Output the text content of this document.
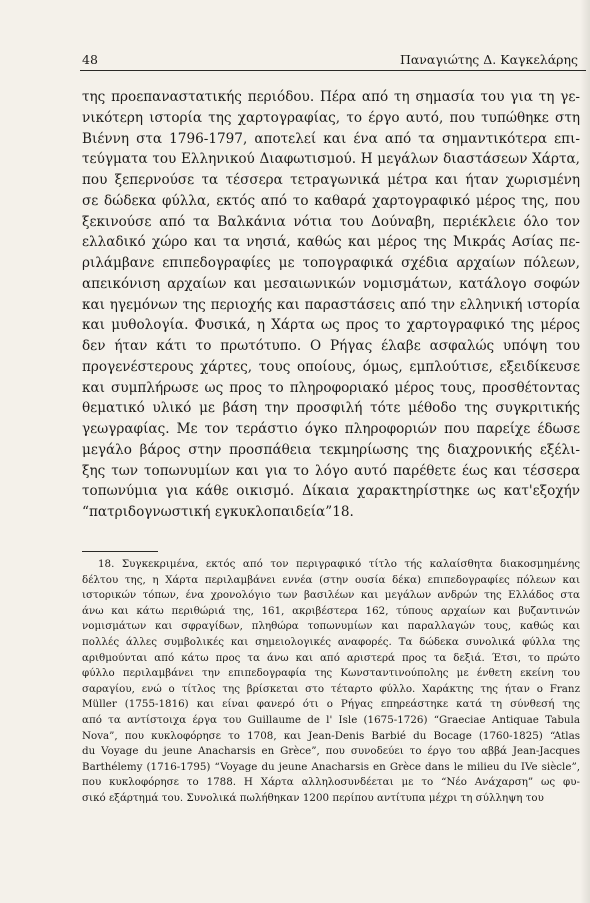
48	Παναγιώτης Δ. Καγκελάρης
της προεπαναστατικής περιόδου. Πέρα από τη σημασία του για τη γε-
νικότερη ιστορία της χαρτογραφίας, το έργο αυτό, που τυπώθηκε στη
Βιέννη στα 1796-1797, αποτελεί και ένα από τα σημαντικότερα επι-
τεύγματα του Ελληνικού Διαφωτισμού. Η μεγάλων διαστάσεων Χάρτα,
που ξεπερνούσε τα τέσσερα τετραγωνικά μέτρα και ήταν χωρισμένη
σε δώδεκα φύλλα, εκτός από το καθαρά χαρτογραφικό μέρος της, που
ξεκινούσε από τα Βαλκάνια νότια του Δούναβη, περιέκλειε όλο τον
ελλαδικό χώρο και τα νησιά, καθώς και μέρος της Μικράς Ασίας πε-
ριλάμβανε επιπεδογραφίες με τοπογραφικά σχέδια αρχαίων πόλεων,
απεικόνιση αρχαίων και μεσαιωνικών νομισμάτων, κατάλογο σοφών
και ηγεμόνων της περιοχής και παραστάσεις από την ελληνική ιστορία
και μυθολογία. Φυσικά, η Χάρτα ως προς το χαρτογραφικό της μέρος
δεν ήταν κάτι το πρωτότυπο. Ο Ρήγας έλαβε ασφαλώς υπόψη του
προγενέστερους χάρτες, τους οποίους, όμως, εμπλούτισε, εξειδίκευσε
και συμπλήρωσε ως προς το πληροφοριακό μέρος τους, προσθέτοντας
θεματικό υλικό με βάση την προσφιλή τότε μέθοδο της συγκριτικής
γεωγραφίας. Με τον τεράστιο όγκο πληροφοριών που παρείχε έδωσε
μεγάλο βάρος στην προσπάθεια τεκμηρίωσης της διαχρονικής εξέλι-
ξης των τοπωνυμίων και για το λόγο αυτό παρέθετε έως και τέσσερα
τοπωνύμια για κάθε οικισμό. Δίκαια χαρακτηρίστηκε ως κατ'εξοχήν
“πατριδογνωστική εγκυκλοπαιδεία”18.
18. Συγκεκριμένα, εκτός από τον περιγραφικό τίτλο τής καλαίσθητα διακοσμημένης
δέλτου της, η Χάρτα περιλαμβάνει εννέα (στην ουσία δέκα) επιπεδογραφίες πόλεων και
ιστορικών τόπων, ένα χρονολόγιο των βασιλέων και μεγάλων ανδρών της Ελλάδος στα
άνω και κάτω περιθώριά της, 161, ακριβέστερα 162, τύπους αρχαίων και βυζαντινών
νομισμάτων και σφραγίδων, πληθώρα τοπωνυμίων και παραλλαγών τους, καθώς και
πολλές άλλες συμβολικές και σημειολογικές αναφορές. Τα δώδεκα συνολικά φύλλα της
αριθμούνται από κάτω προς τα άνω και από αριστερά προς τα δεξιά. Έτσι, το πρώτο
φύλλο περιλαμβάνει την επιπεδογραφία της Κωνσταντινούπολης με ένθετη εκείνη του
σαραγίου, ενώ ο τίτλος της βρίσκεται στο τέταρτο φύλλο. Χαράκτης της ήταν ο Franz
Müller (1755-1816) και είναι φανερό ότι ο Ρήγας επηρεάστηκε κατά τη σύνθεσή της
από τα αντίστοιχα έργα του Guillaume de l' Isle (1675-1726) “Graeciae Antiquae Tabula
Nova”, που κυκλοφόρησε το 1708, και Jean-Denis Barbié du Bocage (1760-1825) “Atlas
du Voyage du jeune Anacharsis en Grèce”, που συνοδεύει το έργο του αββά Jean-Jacques
Barthélemy (1716-1795) “Voyage du jeune Anacharsis en Grèce dans le milieu du IVe siècle”,
που κυκλοφόρησε το 1788. Η Χάρτα αλληλοσυνδέεται με το “Νέο Ανάχαρση” ως φυ-
σικό εξάρτημά του. Συνολικά πωλήθηκαν 1200 περίπου αντίτυπα μέχρι τη σύλληψη του
